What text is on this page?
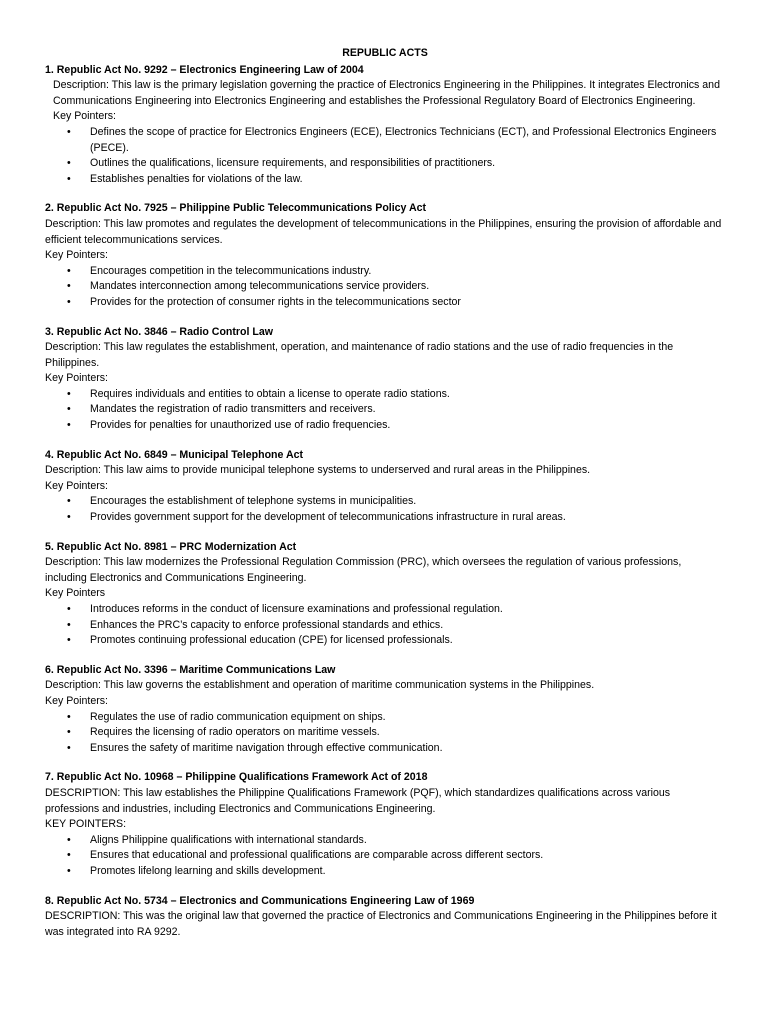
REPUBLIC ACTS
1. Republic Act No. 9292 – Electronics Engineering Law of 2004
Description: This law is the primary legislation governing the practice of Electronics Engineering in the Philippines. It integrates Electronics and Communications Engineering into Electronics Engineering and establishes the Professional Regulatory Board of Electronics Engineering.
Key Pointers:
• Defines the scope of practice for Electronics Engineers (ECE), Electronics Technicians (ECT), and Professional Electronics Engineers (PECE).
• Outlines the qualifications, licensure requirements, and responsibilities of practitioners.
• Establishes penalties for violations of the law.
2. Republic Act No. 7925 – Philippine Public Telecommunications Policy Act
Description: This law promotes and regulates the development of telecommunications in the Philippines, ensuring the provision of affordable and efficient telecommunications services.
Key Pointers:
• Encourages competition in the telecommunications industry.
• Mandates interconnection among telecommunications service providers.
• Provides for the protection of consumer rights in the telecommunications sector
3. Republic Act No. 3846 – Radio Control Law
Description: This law regulates the establishment, operation, and maintenance of radio stations and the use of radio frequencies in the Philippines.
Key Pointers:
• Requires individuals and entities to obtain a license to operate radio stations.
• Mandates the registration of radio transmitters and receivers.
• Provides for penalties for unauthorized use of radio frequencies.
4. Republic Act No. 6849 – Municipal Telephone Act
Description: This law aims to provide municipal telephone systems to underserved and rural areas in the Philippines.
Key Pointers:
• Encourages the establishment of telephone systems in municipalities.
• Provides government support for the development of telecommunications infrastructure in rural areas.
5. Republic Act No. 8981 – PRC Modernization Act
Description: This law modernizes the Professional Regulation Commission (PRC), which oversees the regulation of various professions, including Electronics and Communications Engineering.
Key Pointers
• Introduces reforms in the conduct of licensure examinations and professional regulation.
• Enhances the PRC’s capacity to enforce professional standards and ethics.
• Promotes continuing professional education (CPE) for licensed professionals.
6. Republic Act No. 3396 – Maritime Communications Law
Description: This law governs the establishment and operation of maritime communication systems in the Philippines.
Key Pointers:
• Regulates the use of radio communication equipment on ships.
• Requires the licensing of radio operators on maritime vessels.
• Ensures the safety of maritime navigation through effective communication.
7. Republic Act No. 10968 – Philippine Qualifications Framework Act of 2018
DESCRIPTION: This law establishes the Philippine Qualifications Framework (PQF), which standardizes qualifications across various professions and industries, including Electronics and Communications Engineering.
KEY POINTERS:
• Aligns Philippine qualifications with international standards.
• Ensures that educational and professional qualifications are comparable across different sectors.
• Promotes lifelong learning and skills development.
8. Republic Act No. 5734 – Electronics and Communications Engineering Law of 1969
DESCRIPTION: This was the original law that governed the practice of Electronics and Communications Engineering in the Philippines before it was integrated into RA 9292.
